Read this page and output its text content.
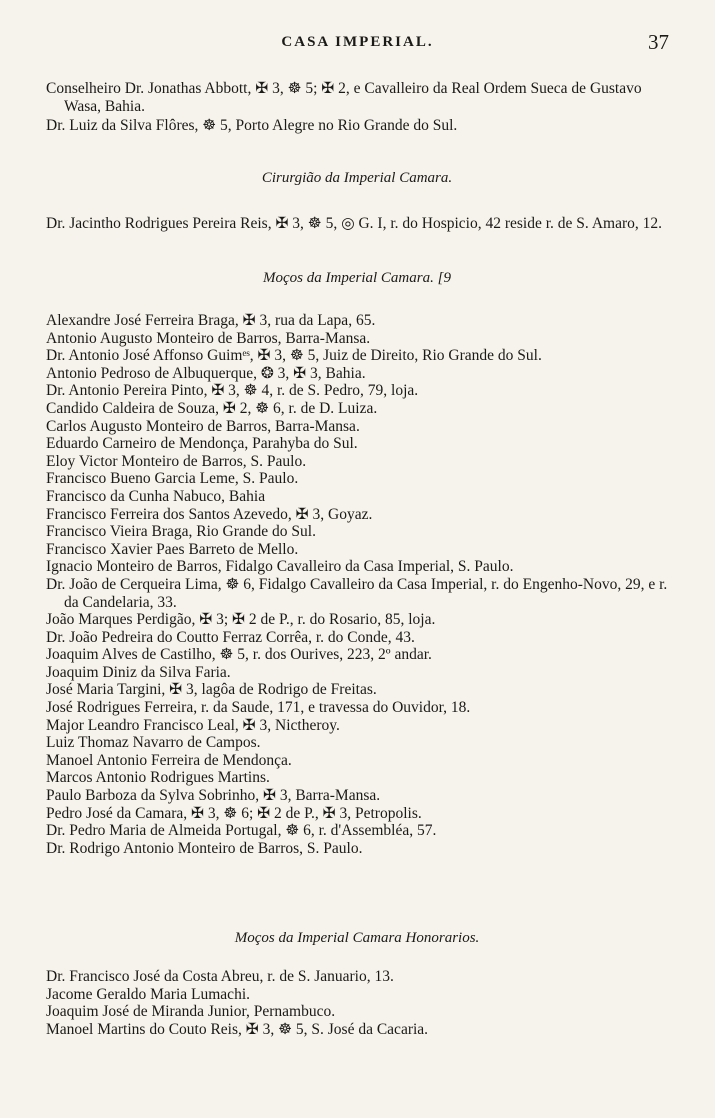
CASA IMPERIAL.	37
Conselheiro Dr. Jonathas Abbott, ✠ 3, ☸ 5; ✠ 2, e Cavalleiro da Real Ordem Sueca de Gustavo Wasa, Bahia.
Dr. Luiz da Silva Flôres, ☸ 5, Porto Alegre no Rio Grande do Sul.
Cirurgião da Imperial Camara.
Dr. Jacintho Rodrigues Pereira Reis, ✠ 3, ☸ 5, ◎ G. I, r. do Hospicio, 42 reside r. de S. Amaro, 12.
Moços da Imperial Camara. [9
Alexandre José Ferreira Braga, ✠ 3, rua da Lapa, 65.
Antonio Augusto Monteiro de Barros, Barra-Mansa.
Dr. Antonio José Affonso Guimᵉˢ, ✠ 3, ☸ 5, Juiz de Direito, Rio Grande do Sul.
Antonio Pedroso de Albuquerque, ❂ 3, ✠ 3, Bahia.
Dr. Antonio Pereira Pinto, ✠ 3, ☸ 4, r. de S. Pedro, 79, loja.
Candido Caldeira de Souza, ✠ 2, ☸ 6, r. de D. Luiza.
Carlos Augusto Monteiro de Barros, Barra-Mansa.
Eduardo Carneiro de Mendonça, Parahyba do Sul.
Eloy Victor Monteiro de Barros, S. Paulo.
Francisco Bueno Garcia Leme, S. Paulo.
Francisco da Cunha Nabuco, Bahia
Francisco Ferreira dos Santos Azevedo, ✠ 3, Goyaz.
Francisco Vieira Braga, Rio Grande do Sul.
Francisco Xavier Paes Barreto de Mello.
Ignacio Monteiro de Barros, Fidalgo Cavalleiro da Casa Imperial, S. Paulo.
Dr. João de Cerqueira Lima, ☸ 6, Fidalgo Cavalleiro da Casa Imperial, r. do Engenho-Novo, 29, e r. da Candelaria, 33.
João Marques Perdigão, ✠ 3; ✠ 2 de P., r. do Rosario, 85, loja.
Dr. João Pedreira do Coutto Ferraz Corrêa, r. do Conde, 43.
Joaquim Alves de Castilho, ☸ 5, r. dos Ourives, 223, 2º andar.
Joaquim Diniz da Silva Faria.
José Maria Targini, ✠ 3, lagôa de Rodrigo de Freitas.
José Rodrigues Ferreira, r. da Saude, 171, e travessa do Ouvidor, 18.
Major Leandro Francisco Leal, ✠ 3, Nictheroy.
Luiz Thomaz Navarro de Campos.
Manoel Antonio Ferreira de Mendonça.
Marcos Antonio Rodrigues Martins.
Paulo Barboza da Sylva Sobrinho, ✠ 3, Barra-Mansa.
Pedro José da Camara, ✠ 3, ☸ 6; ✠ 2 de P., ✠ 3, Petropolis.
Dr. Pedro Maria de Almeida Portugal, ☸ 6, r. d'Assembléa, 57.
Dr. Rodrigo Antonio Monteiro de Barros, S. Paulo.
Moços da Imperial Camara Honorarios.
Dr. Francisco José da Costa Abreu, r. de S. Januario, 13.
Jacome Geraldo Maria Lumachi.
Joaquim José de Miranda Junior, Pernambuco.
Manoel Martins do Couto Reis, ✠ 3, ☸ 5, S. José da Cacaria.
